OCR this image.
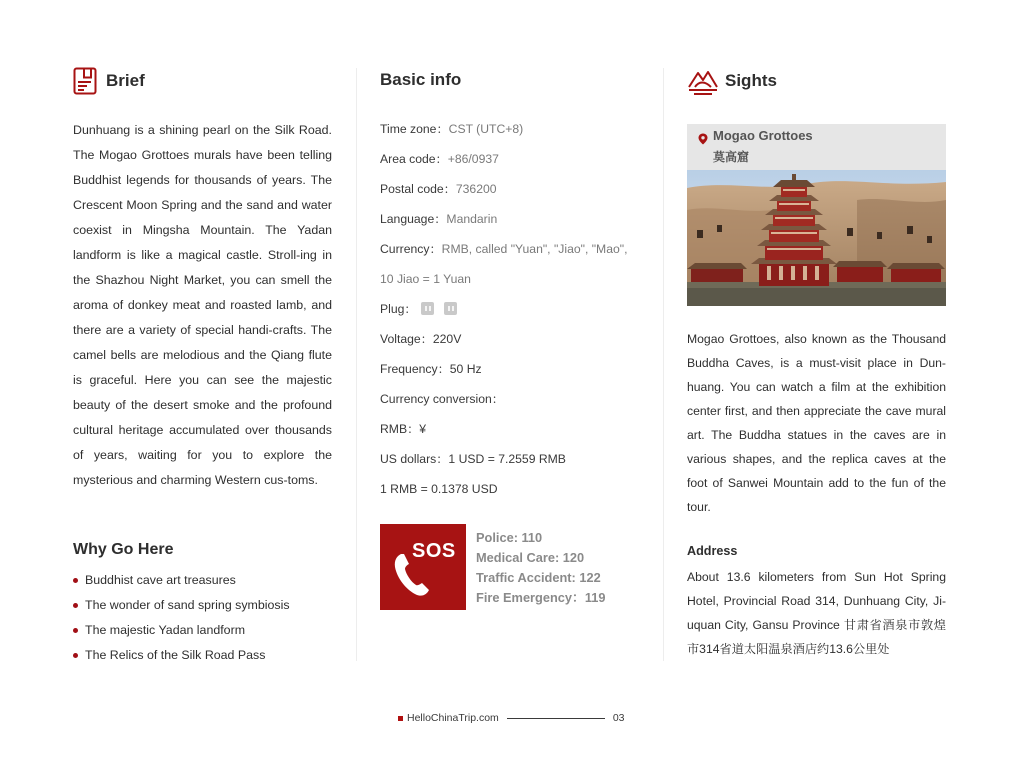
Brief
Dunhuang is a shining pearl on the Silk Road. The Mogao Grottoes murals have been telling Buddhist legends for thousands of years. The Crescent Moon Spring and the sand and water coexist in Mingsha Mountain. The Yadan landform is like a magical castle. Stroll-ing in the Shazhou Night Market, you can smell the aroma of donkey meat and roasted lamb, and there are a variety of special handi-crafts. The camel bells are melodious and the Qiang flute is graceful. Here you can see the majestic beauty of the desert smoke and the profound cultural heritage accumulated over thousands of years, waiting for you to explore the mysterious and charming Western cus-toms.
Why Go Here
Buddhist cave art treasures
The wonder of sand spring symbiosis
The majestic Yadan landform
The Relics of the Silk Road Pass
Basic info
Time zone： CST (UTC+8)
Area code： +86/0937
Postal code： 736200
Language： Mandarin
Currency： RMB, called "Yuan", "Jiao", "Mao",
10 Jiao = 1 Yuan
Plug：
Voltage： 220V
Frequency： 50 Hz
Currency conversion：
RMB： ¥
US dollars： 1 USD = 7.2559 RMB
1 RMB = 0.1378 USD
SOS
Police: 110
Medical Care: 120
Traffic Accident: 122
Fire Emergency：119
Sights
Mogao Grottoes
莫高窟
Mogao Grottoes, also known as the Thousand Buddha Caves, is a must-visit place in Dun-huang. You can watch a film at the exhibition center first, and then appreciate the cave mural art. The Buddha statues in the caves are in various shapes, and the replica caves at the foot of Sanwei Mountain add to the fun of the tour.
Address
About 13.6 kilometers from Sun Hot Spring Hotel, Provincial Road 314, Dunhuang City, Ji-uquan City, Gansu Province 甘肃省酒泉市敦煌市314省道太阳温泉酒店约13.6公里处
HelloChinaTrip.com	03
